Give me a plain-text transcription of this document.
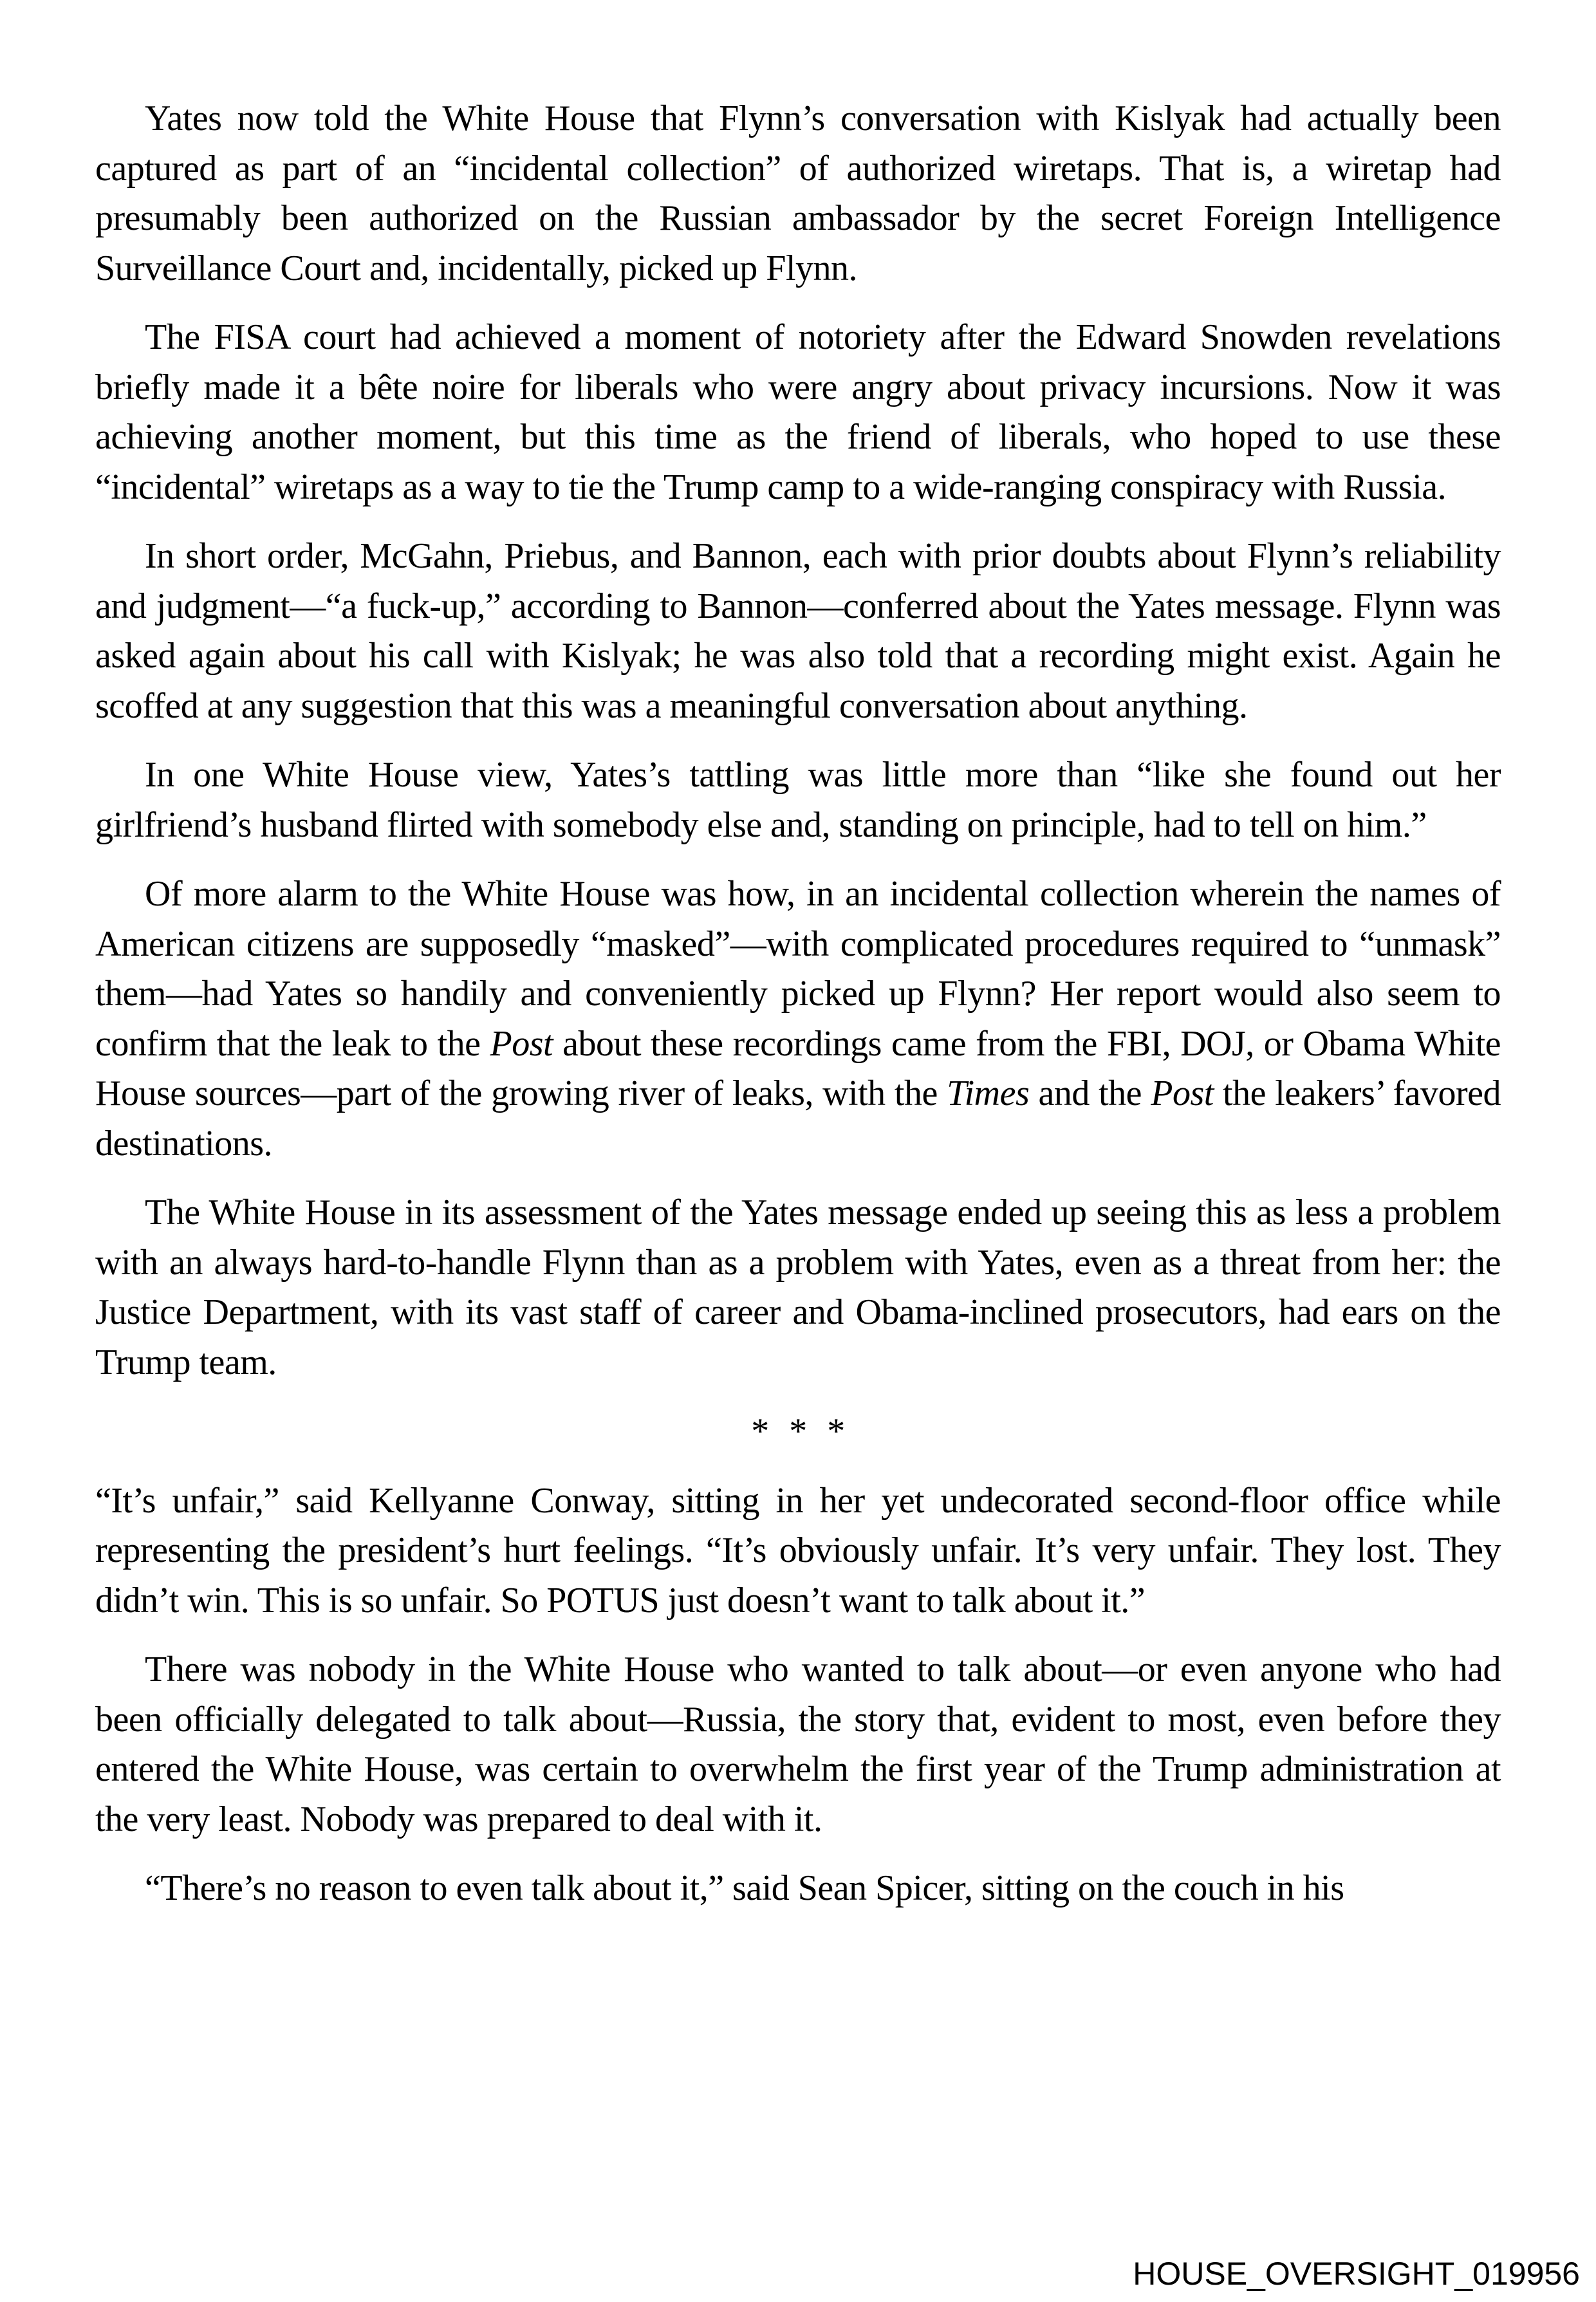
Yates now told the White House that Flynn’s conversation with Kislyak had actually been captured as part of an “incidental collection” of authorized wiretaps. That is, a wiretap had presumably been authorized on the Russian ambassador by the secret Foreign Intelligence Surveillance Court and, incidentally, picked up Flynn.

The FISA court had achieved a moment of notoriety after the Edward Snowden revelations briefly made it a bête noire for liberals who were angry about privacy incursions. Now it was achieving another moment, but this time as the friend of liberals, who hoped to use these “incidental” wiretaps as a way to tie the Trump camp to a wide-ranging conspiracy with Russia.

In short order, McGahn, Priebus, and Bannon, each with prior doubts about Flynn’s reliability and judgment—“a fuck-up,” according to Bannon—conferred about the Yates message. Flynn was asked again about his call with Kislyak; he was also told that a recording might exist. Again he scoffed at any suggestion that this was a meaningful conversation about anything.

In one White House view, Yates’s tattling was little more than “like she found out her girlfriend’s husband flirted with somebody else and, standing on principle, had to tell on him.”

Of more alarm to the White House was how, in an incidental collection wherein the names of American citizens are supposedly “masked”—with complicated procedures required to “unmask” them—had Yates so handily and conveniently picked up Flynn? Her report would also seem to confirm that the leak to the Post about these recordings came from the FBI, DOJ, or Obama White House sources—part of the growing river of leaks, with the Times and the Post the leakers’ favored destinations.

The White House in its assessment of the Yates message ended up seeing this as less a problem with an always hard-to-handle Flynn than as a problem with Yates, even as a threat from her: the Justice Department, with its vast staff of career and Obama-inclined prosecutors, had ears on the Trump team.

* * *

“It’s unfair,” said Kellyanne Conway, sitting in her yet undecorated second-floor office while representing the president’s hurt feelings. “It’s obviously unfair. It’s very unfair. They lost. They didn’t win. This is so unfair. So POTUS just doesn’t want to talk about it.”

There was nobody in the White House who wanted to talk about—or even anyone who had been officially delegated to talk about—Russia, the story that, evident to most, even before they entered the White House, was certain to overwhelm the first year of the Trump administration at the very least. Nobody was prepared to deal with it.

“There’s no reason to even talk about it,” said Sean Spicer, sitting on the couch in his

HOUSE_OVERSIGHT_019956
